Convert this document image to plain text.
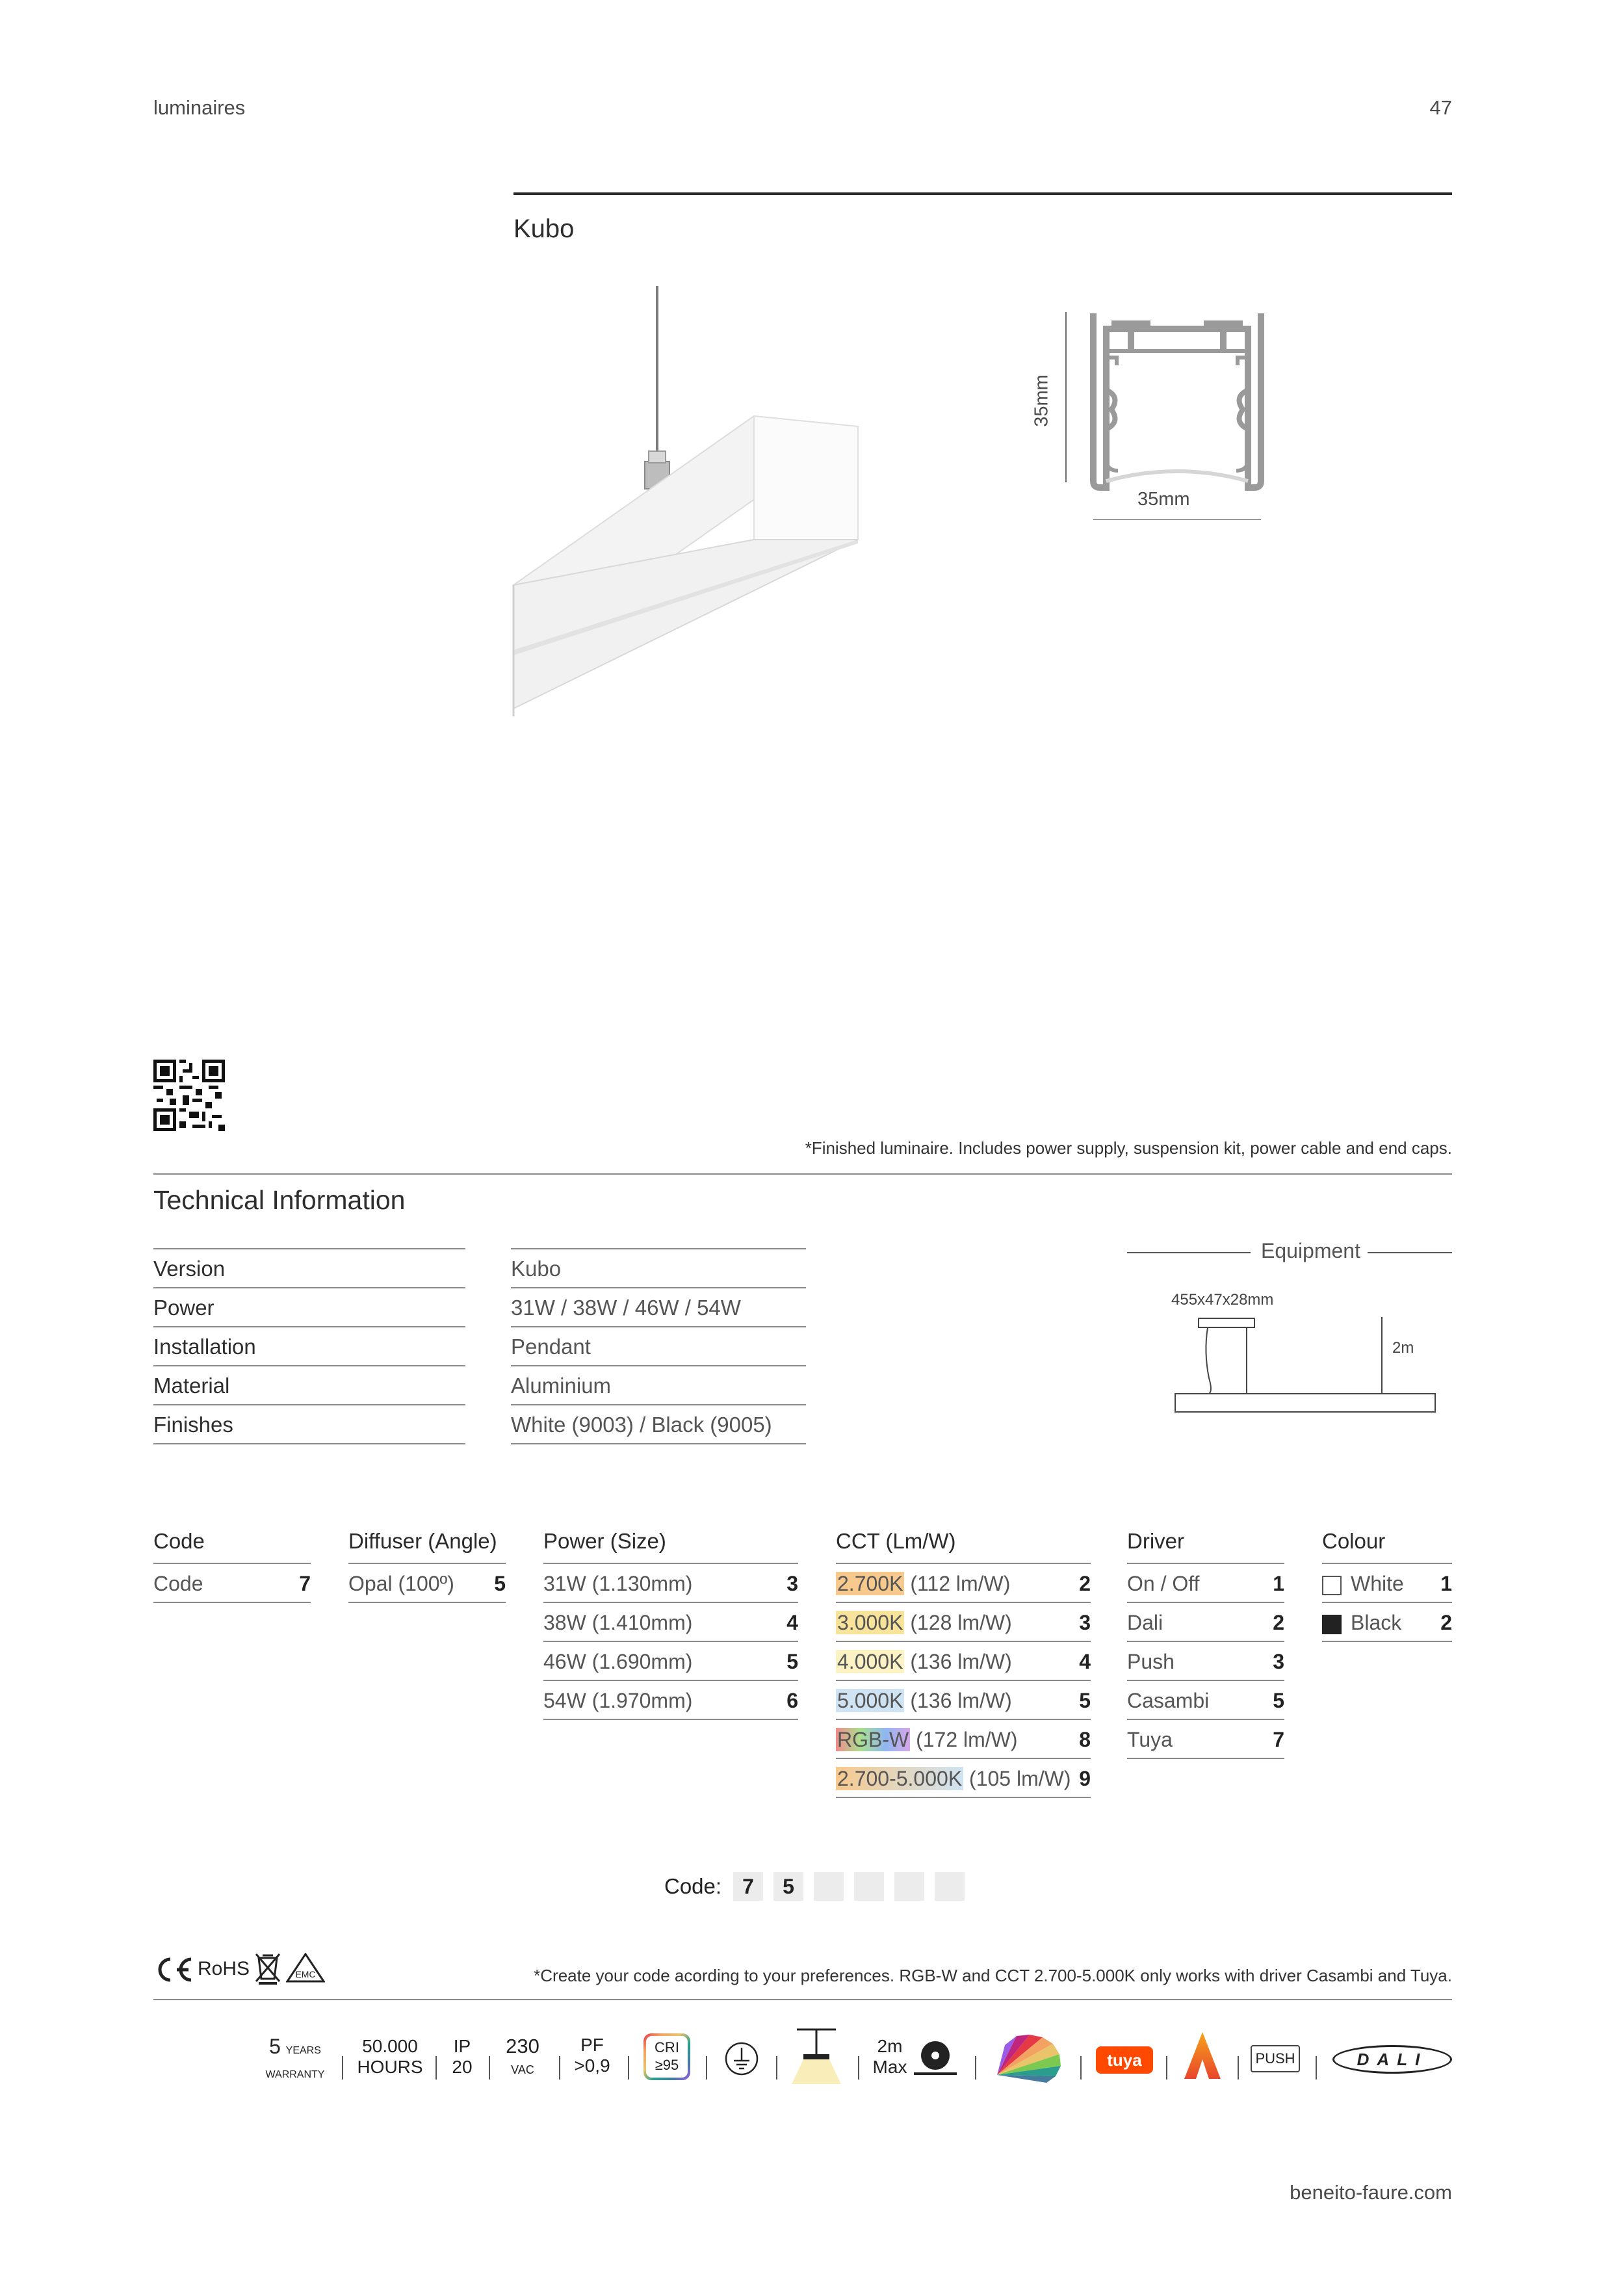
luminaires	47
Kubo
35mm
35mm
*Finished luminaire. Includes power supply, suspension kit, power cable and end caps.
Technical Information
Version	Kubo
Power	31W / 38W / 46W / 54W
Installation	Pendant
Material	Aluminium
Finishes	White (9003) / Black (9005)
Equipment
455x47x28mm
2m
Code
Code	7
Diffuser (Angle)
Opal (100º) 5
Power (Size)
31W (1.130mm)	3
38W (1.410mm)	4
46W (1.690mm)	5
54W (1.970mm)	6
CCT (Lm/W)
2.700K (112 lm/W)	2
3.000K (128 lm/W)	3
4.000K (136 lm/W)	4
5.000K (136 lm/W)	5
RGB-W (172 lm/W)	8
2.700-5.000K (105 lm/W) 9
Driver
On / Off	1
Dali	2
Push	3
Casambi	5
Tuya	7
Colour
White 1
Black 2
Code:	7	5
RoHS	EMC	*Create your code acording to your preferences. RGB-W and CCT 2.700-5.000K only works with driver Casambi and Tuya.
5 YEARS
WARRANTY
50.000
HOURS
IP
20
230
VAC
PF
>0,9
CRI
≥95
2m
Max	tuya	PUSH	DALI
beneito-faure.com
